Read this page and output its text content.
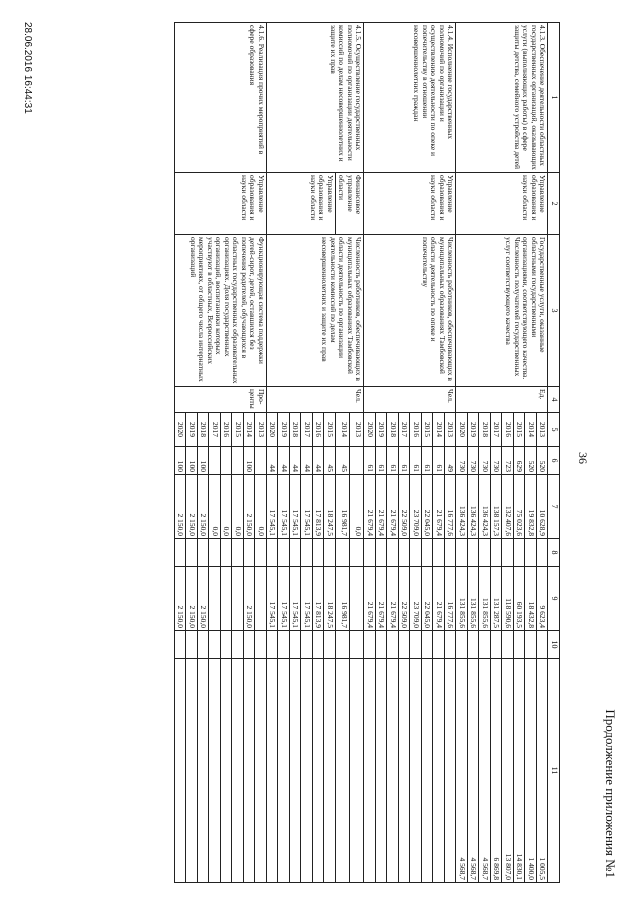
Продолжение приложения №1
36
1	2	3	4	5	6	7	8	9	10	11
4.1.3. Обеспечение деятельности областных государственных организаций, оказывающих услуги (выполняющих работы) в сфере защиты детства, семейного устройства детей	Управление образования и науки области	Государственные услуги, оказанные областными государственными организациями, соответствующего качества. Численность получателей государственных услуг соответствующего качества	Ед.	2013	520	10 628,9		9 623,4		1 005,5
				2014	520	19 832,8		18 432,8		1 400,0
				2015	629	75 023,6		60 193,5		14 830,1
				2016	723	132 407,6		118 590,6		13 807,0
				2017	730	138 157,3		131 287,5		6 869,8
				2018	730	136 424,3		131 855,6		4 568,7
				2019	730	136 424,3		131 855,6		4 568,7
				2020	730	136 424,3		131 855,6		4 568,7
4.1.4. Исполнение государственных полномочий по организации и осуществлению деятельности по опеке и попечительству в отношении несовершеннолетних граждан	Управление образования и науки области	Численность работников, обеспечивающих в муниципальных образованиях Тамбовской области деятельность по опеке и попечительству	Чел.	2013	49	16 777,6		16 777,6		
				2014	61	21 679,4		21 679,4		
				2015	61	22 045,0		22 045,0		
				2016	61	23 709,0		23 709,0		
				2017	61	22 509,0		22 509,0		
				2018	61	21 679,4		21 679,4		
				2019	61	21 679,4		21 679,4		
				2020	61	21 679,4		21 679,4		
4.1.5. Осуществление государственных полномочий по организации деятельности комиссий по делам несовершеннолетних и защите их прав	Финансовое управление области	Численность работников, обеспечивающих в муниципальных образованиях Тамбовской области деятельность по организации деятельности комиссий по делам несовершеннолетних и защите их прав	Чел.	2013		0,0				
				2014	45	16 981,7		16 981,7		
	Управление образования и науки области			2015	45	18 247,5		18 247,5		
				2016	44	17 813,9		17 813,9		
				2017	44	17 545,1		17 545,1		
				2018	44	17 545,1		17 545,1		
				2019	44	17 545,1		17 545,1		
				2020	44	17 545,1		17 545,1		
4.1.6. Реализация прочих мероприятий в сфере образования	Управление образования и науки области	Функционирующая система поддержки детей-сирот, детей, оставшихся без попечения родителей, обучающихся в областных государственных образовательных организациях. Доля государственных организаций, воспитанники которых участвуют в областных, Всероссийских мероприятиях, от общего числа интернатных организаций	Про-центы	2013		0,0				
				2014	100	2 150,0		2 150,0		
				2015		0,0				
				2016		0,0				
				2017		0,0				
				2018	100	2 150,0		2 150,0		
				2019	100	2 150,0		2 150,0		
				2020	100	2 150,0		2 150,0		
28.06.2016 16:44:31
